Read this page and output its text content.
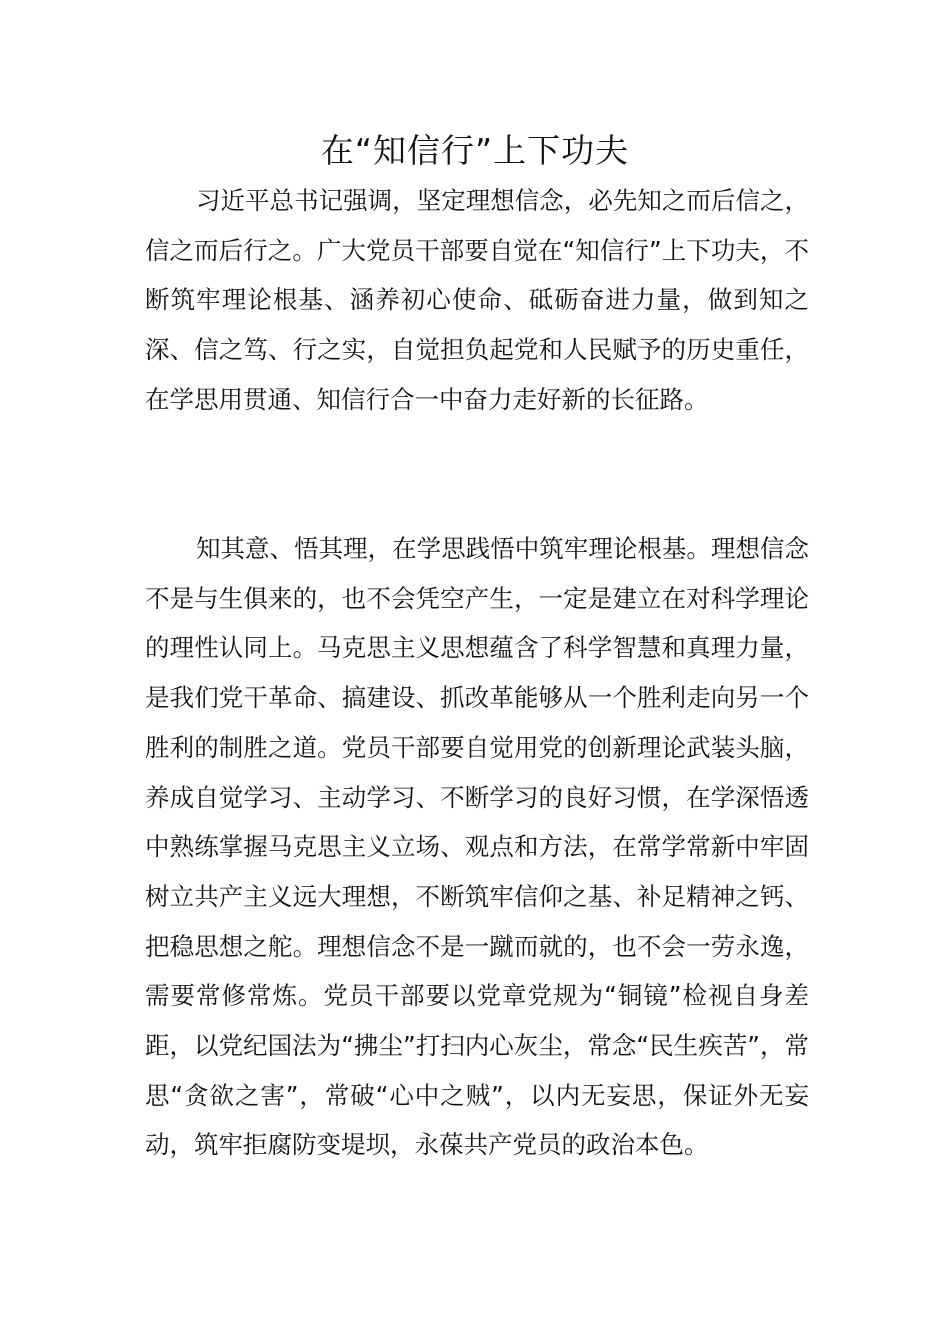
在“知信行”上下功夫

习近平总书记强调，坚定理想信念，必先知之而后信之，信之而后行之。广大党员干部要自觉在“知信行”上下功夫，不断筑牢理论根基、涵养初心使命、砥砺奋进力量，做到知之深、信之笃、行之实，自觉担负起党和人民赋予的历史重任，在学思用贯通、知信行合一中奋力走好新的长征路。

知其意、悟其理，在学思践悟中筑牢理论根基。理想信念不是与生俱来的，也不会凭空产生，一定是建立在对科学理论的理性认同上。马克思主义思想蕴含了科学智慧和真理力量，是我们党干革命、搞建设、抓改革能够从一个胜利走向另一个胜利的制胜之道。党员干部要自觉用党的创新理论武装头脑，养成自觉学习、主动学习、不断学习的良好习惯，在学深悟透中熟练掌握马克思主义立场、观点和方法，在常学常新中牢固树立共产主义远大理想，不断筑牢信仰之基、补足精神之钙、把稳思想之舵。理想信念不是一蹴而就的，也不会一劳永逸，需要常修常炼。党员干部要以党章党规为“铜镜”检视自身差距，以党纪国法为“拂尘”打扫内心灰尘，常念“民生疾苦”，常思“贪欲之害”，常破“心中之贼”，以内无妄思，保证外无妄动，筑牢拒腐防变堤坝，永葆共产党员的政治本色。
